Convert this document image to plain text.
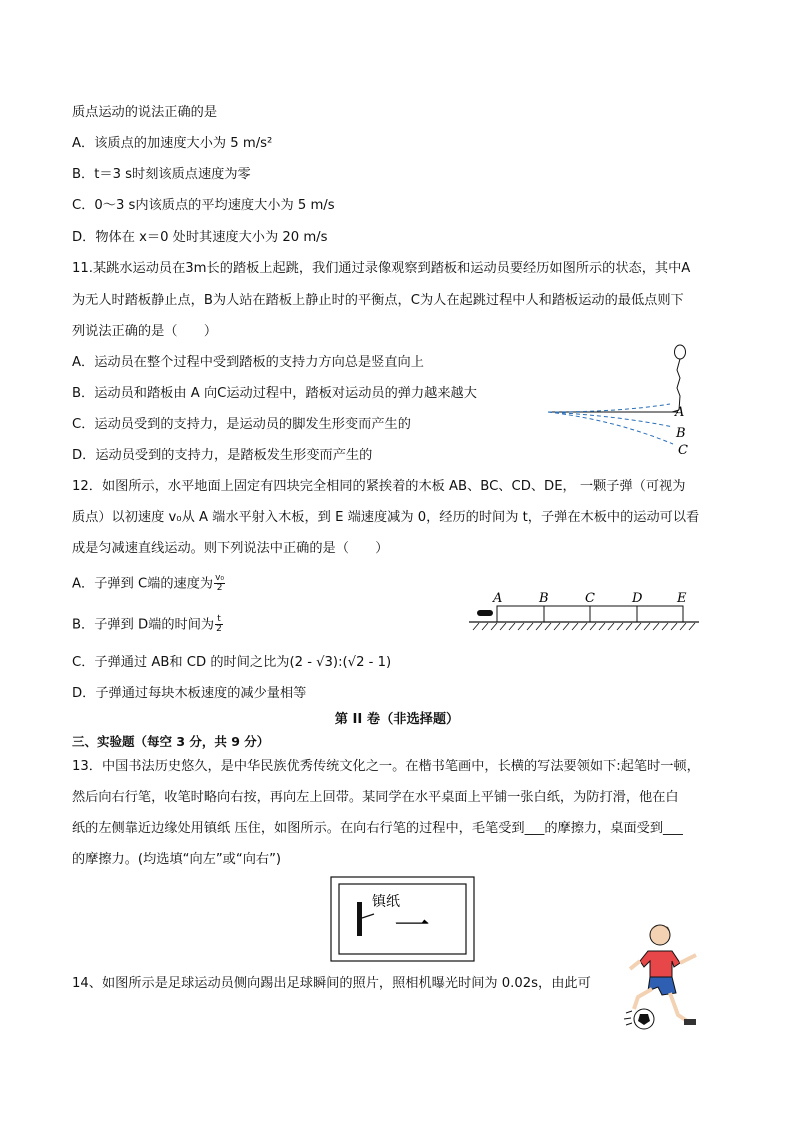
质点运动的说法正确的是
A．该质点的加速度大小为 5 m/s²
B．t＝3 s时刻该质点速度为零
C．0～3 s内该质点的平均速度大小为 5 m/s
D．物体在 x＝0 处时其速度大小为 20 m/s
11.某跳水运动员在3m长的踏板上起跳，我们通过录像观察到踏板和运动员要经历如图所示的状态，其中A
为无人时踏板静止点，B为人站在踏板上静止时的平衡点，C为人在起跳过程中人和踏板运动的最低点则下
列说法正确的是（　　）
A．运动员在整个过程中受到踏板的支持力方向总是竖直向上
B．运动员和踏板由 A 向C运动过程中，踏板对运动员的弹力越来越大
C．运动员受到的支持力，是运动员的脚发生形变而产生的
D．运动员受到的支持力，是踏板发生形变而产生的
A
B
C
12．如图所示，水平地面上固定有四块完全相同的紧挨着的木板 AB、BC、CD、DE， 一颗子弹（可视为
质点）以初速度 v₀从 A 端水平射入木板，到 E 端速度减为 0，经历的时间为 t，子弹在木板中的运动可以看
成是匀减速直线运动。则下列说法中正确的是（　　）
A．子弹到 C端的速度为 $\frac{\text{v₀}}{2}$
B．子弹到 D端的时间为 $\frac{t}{2}$
C．子弹通过 AB和 CD 的时间之比为(2 - √3):(√2 - 1)
D．子弹通过每块木板速度的减少量相等
A	B	C	D	E
第 II 卷（非选择题）
三、实验题（每空 3 分，共 9 分）
13．中国书法历史悠久，是中华民族优秀传统文化之一。在楷书笔画中，长横的写法要领如下:起笔时一顿，
然后向右行笔，收笔时略向右按，再向左上回带。某同学在水平桌面上平铺一张白纸，为防打滑，他在白
纸的左侧靠近边缘处用镇纸 压住，如图所示。在向右行笔的过程中，毛笔受到___的摩擦力，桌面受到___
的摩擦力。(均选填“向左”或“向右”)
镇纸
一
14、如图所示是足球运动员侧向踢出足球瞬间的照片，照相机曝光时间为 0.02s，由此可
